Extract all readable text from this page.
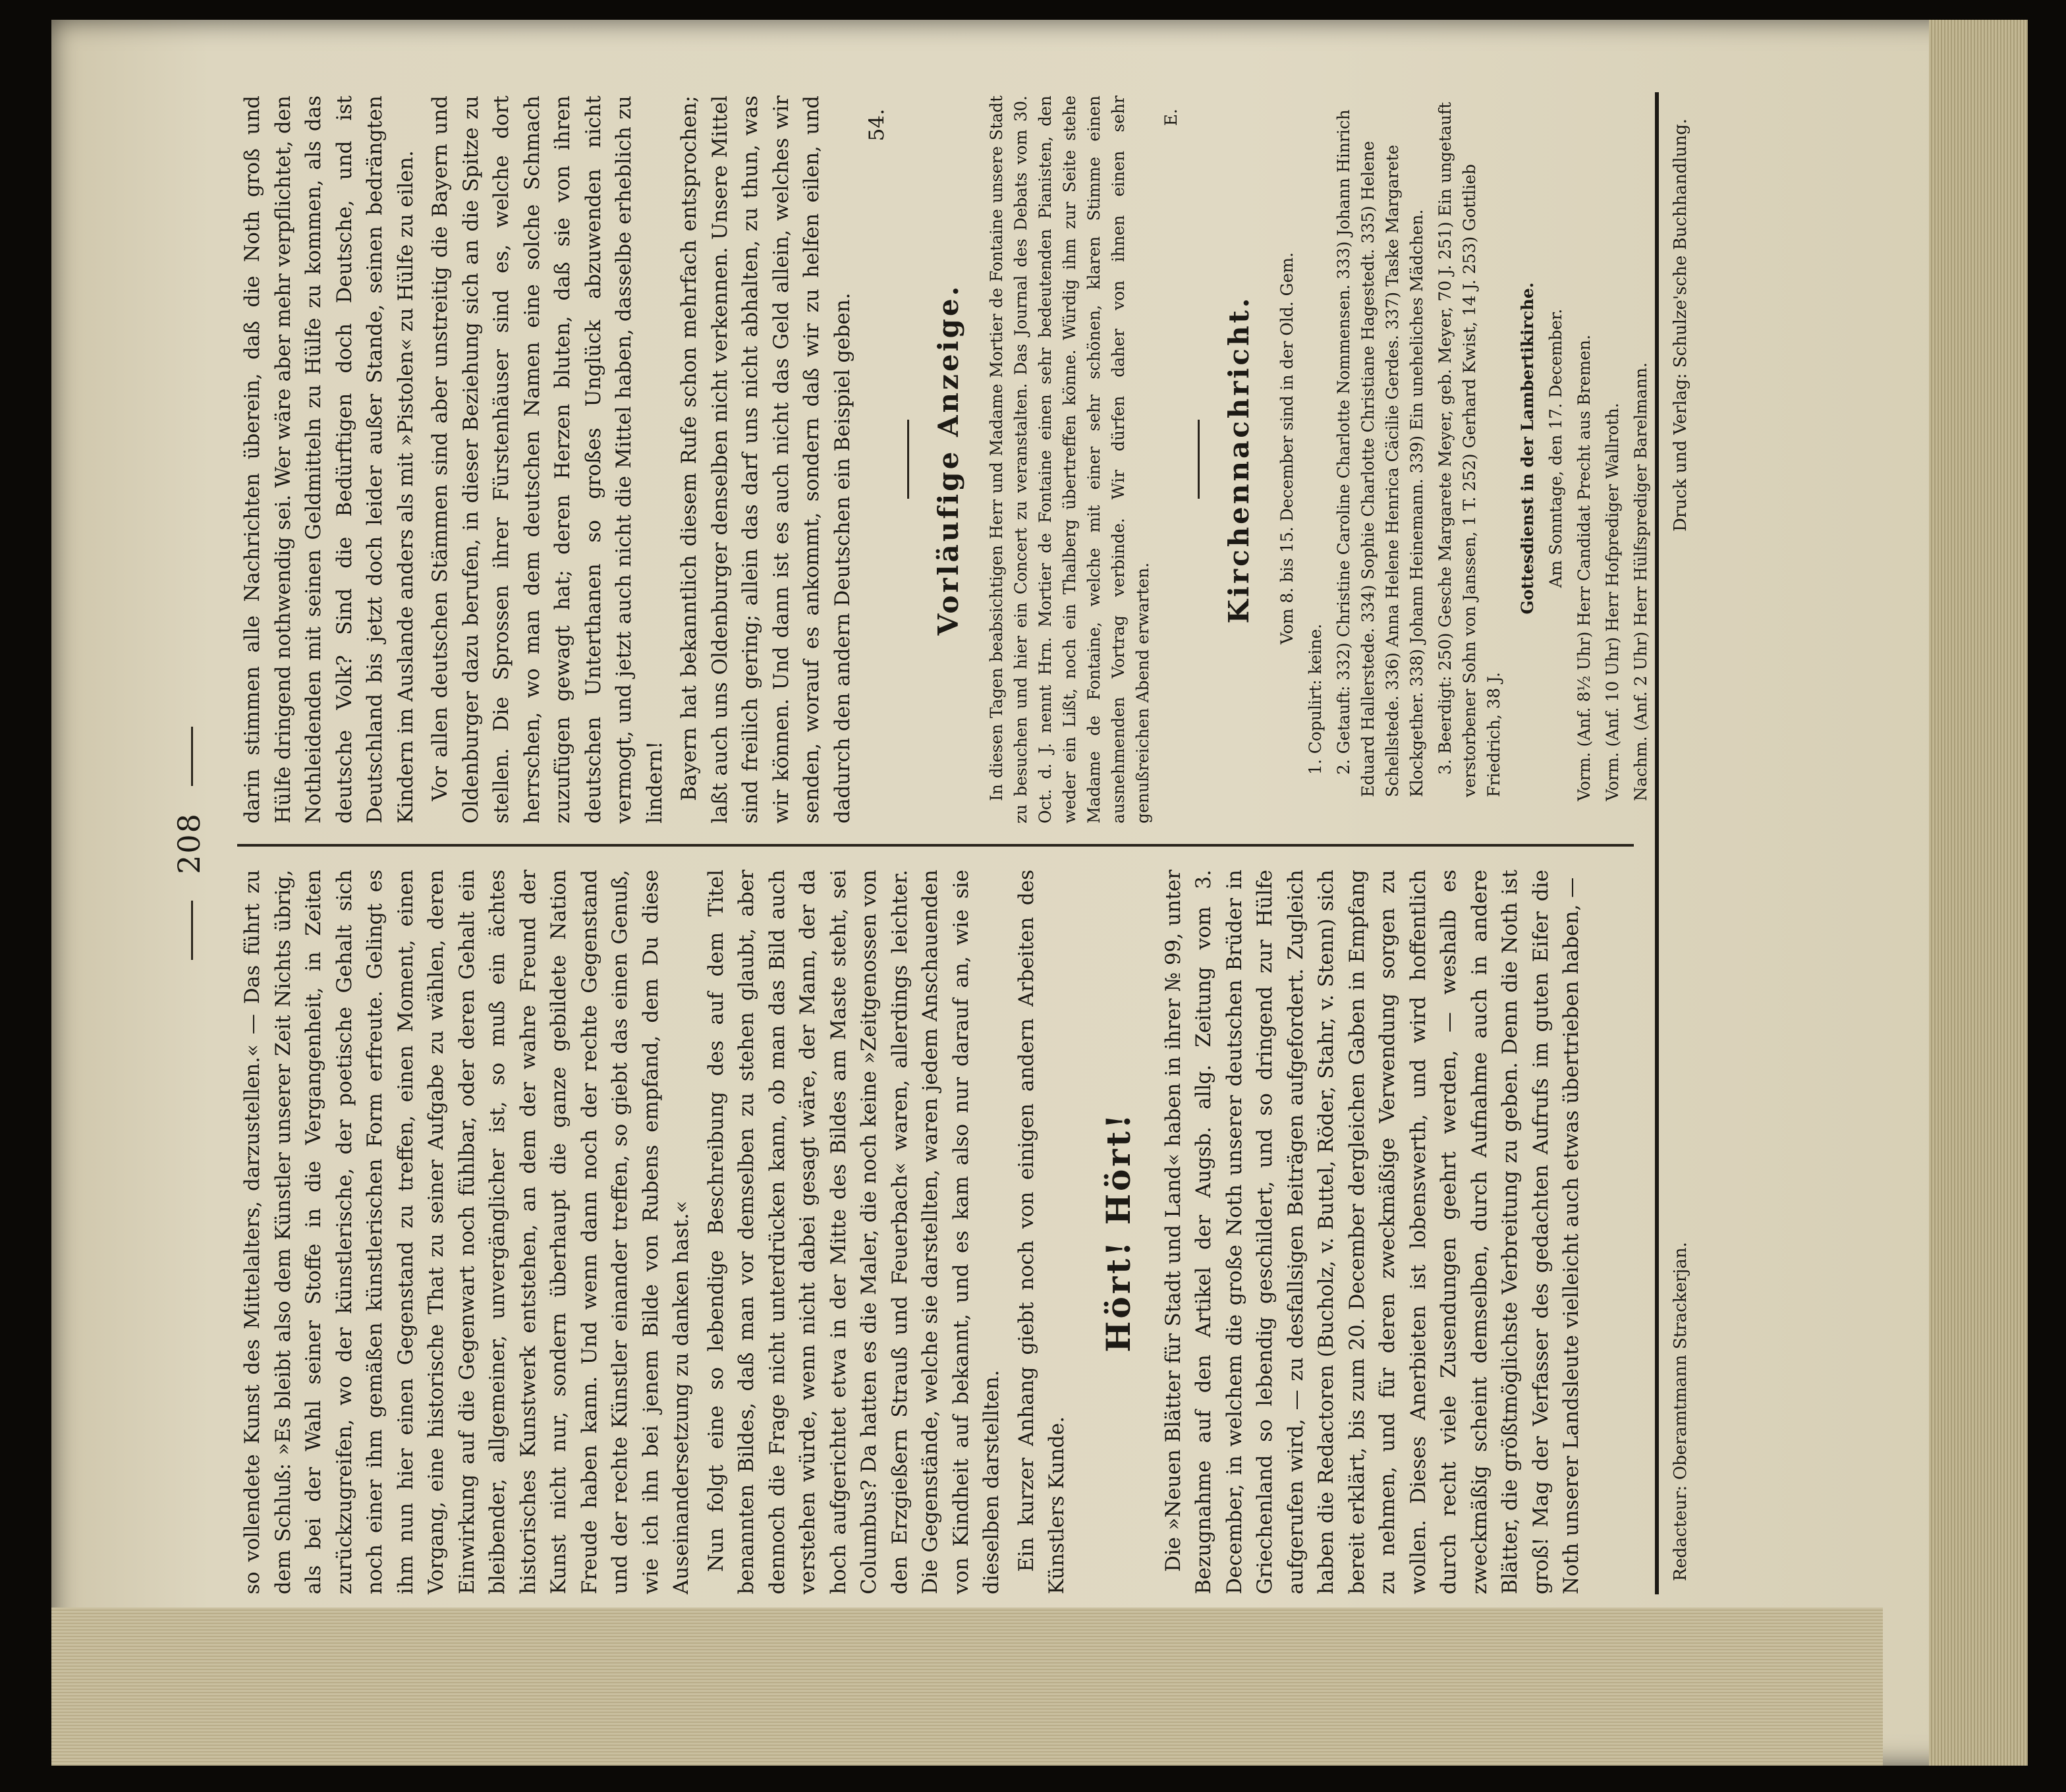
208

so vollendete Kunst des Mittelalters, darzustellen.« — Das führt zu dem Schluß: »Es bleibt also dem Künstler unserer Zeit Nichts übrig, als bei der Wahl seiner Stoffe in die Vergangenheit, in Zeiten zurückzugreifen, wo der künstlerische, der poetische Gehalt sich noch einer ihm gemäßen künstlerischen Form erfreute. Gelingt es ihm nun hier einen Gegenstand zu treffen, einen Moment, einen Vorgang, eine historische That zu seiner Aufgabe zu wählen, deren Einwirkung auf die Gegenwart noch fühlbar, oder deren Gehalt ein bleibender, allgemeiner, unvergänglicher ist, so muß ein ächtes historisches Kunstwerk entstehen, an dem der wahre Freund der Kunst nicht nur, sondern überhaupt die ganze gebildete Nation Freude haben kann. Und wenn dann noch der rechte Gegenstand und der rechte Künstler einander treffen, so giebt das einen Genuß, wie ich ihn bei jenem Bilde von Rubens empfand, dem Du diese Auseinandersetzung zu danken hast.« Nun folgt eine so lebendige Beschreibung des auf dem Titel benannten Bildes, daß man vor demselben zu stehen glaubt, aber dennoch die Frage nicht unterdrücken kann, ob man das Bild auch verstehen würde, wenn nicht dabei gesagt wäre, der Mann, der da hoch aufgerichtet etwa in der Mitte des Bildes am Maste steht, sei Columbus? Da hatten es die Maler, die noch keine »Zeitgenossen von den Erzgießern Strauß und Feuerbach« waren, allerdings leichter. Die Gegenstände, welche sie darstellten, waren jedem Anschauenden von Kindheit auf bekannt, und es kam also nur darauf an, wie sie dieselben darstellten. Ein kurzer Anhang giebt noch von einigen andern Arbeiten des Künstlers Kunde.

Hört! Hört! Die »Neuen Blätter für Stadt und Land« haben in ihrer № 99, unter Bezugnahme auf den Artikel der Augsb. allg. Zeitung vom 3. December, in welchem die große Noth unserer deutschen Brüder in Griechenland so lebendig geschildert, und so dringend zur Hülfe aufgerufen wird, — zu desfallsigen Beiträgen aufgefordert. Zugleich haben die Redactoren (Bucholz, v. Buttel, Röder, Stahr, v. Stenn) sich bereit erklärt, bis zum 20. December dergleichen Gaben in Empfang zu nehmen, und für deren zweckmäßige Verwendung sorgen zu wollen. Dieses Anerbieten ist lobenswerth, und wird hoffentlich durch recht viele Zusendungen geehrt werden, — weshalb es zweckmäßig scheint demselben, durch Aufnahme auch in andere Blätter, die größtmöglichste Verbreitung zu geben. Denn die Noth ist groß! Mag der Verfasser des gedachten Aufrufs im guten Eifer die Noth unserer Landsleute vielleicht auch etwas übertrieben haben, —

darin stimmen alle Nachrichten überein, daß die Noth groß und Hülfe dringend nothwendig sei. Wer wäre aber mehr verpflichtet, den Nothleidenden mit seinen Geldmitteln zu Hülfe zu kommen, als das deutsche Volk? Sind die Bedürftigen doch Deutsche, und ist Deutschland bis jetzt doch leider außer Stande, seinen bedrängten Kindern im Auslande anders als mit »Pistolen« zu Hülfe zu eilen. Vor allen deutschen Stämmen sind aber unstreitig die Bayern und Oldenburger dazu berufen, in dieser Beziehung sich an die Spitze zu stellen. Die Sprossen ihrer Fürstenhäuser sind es, welche dort herrschen, wo man dem deutschen Namen eine solche Schmach zuzufügen gewagt hat; deren Herzen bluten, daß sie von ihren deutschen Unterthanen so großes Unglück abzuwenden nicht vermogt, und jetzt auch nicht die Mittel haben, dasselbe erheblich zu lindern! Bayern hat bekanntlich diesem Rufe schon mehrfach entsprochen; laßt auch uns Oldenburger denselben nicht verkennen. Unsere Mittel sind freilich gering; allein das darf uns nicht abhalten, zu thun, was wir können. Und dann ist es auch nicht das Geld allein, welches wir senden, worauf es ankommt, sondern daß wir zu helfen eilen, und dadurch den andern Deutschen ein Beispiel geben.

54.
Vorläufige Anzeige. In diesen Tagen beabsichtigen Herr und Madame Mortier de Fontaine unsere Stadt zu besuchen und hier ein Concert zu veranstalten. Das Journal des Debats vom 30. Oct. d. J. nennt Hrn. Mortier de Fontaine einen sehr bedeutenden Pianisten, den weder ein Lißt, noch ein Thalberg übertreffen könne. Würdig ihm zur Seite stehe Madame de Fontaine, welche mit einer sehr schönen, klaren Stimme einen ausnehmenden Vortrag verbinde. Wir dürfen daher von ihnen einen sehr genußreichen Abend erwarten.

E.
Kirchennachricht. Vom 8. bis 15. December sind in der Old. Gem.

1. Copulirt: keine. 2. Getauft: 332) Christine Caroline Charlotte Nommensen. 333) Johann Hinrich Eduard Hallerstede. 334) Sophie Charlotte Christiane Hagestedt. 335) Helene Schellstede. 336) Anna Helene Henrica Cäcilie Gerdes. 337) Taske Margarete Klockgether. 338) Johann Heinemann. 339) Ein uneheliches Mädchen. 3. Beerdigt: 250) Gesche Margarete Meyer, geb. Meyer, 70 J. 251) Ein ungetauft verstorbener Sohn von Janssen, 1 T. 252) Gerhard Kwist, 14 J. 253) Gottlieb Friedrich, 38 J.

Gottesdienst in der Lambertikirche. Am Sonntage, den 17. December. Vorm. (Anf. 8½ Uhr) Herr Candidat Precht aus Bremen. Vorm. (Anf. 10 Uhr) Herr Hofprediger Wallroth. Nachm. (Anf. 2 Uhr) Herr Hülfsprediger Barelmann.

Redacteur: Oberamtmann Strackerjan.
Druck und Verlag: Schulze'sche Buchhandlung.
